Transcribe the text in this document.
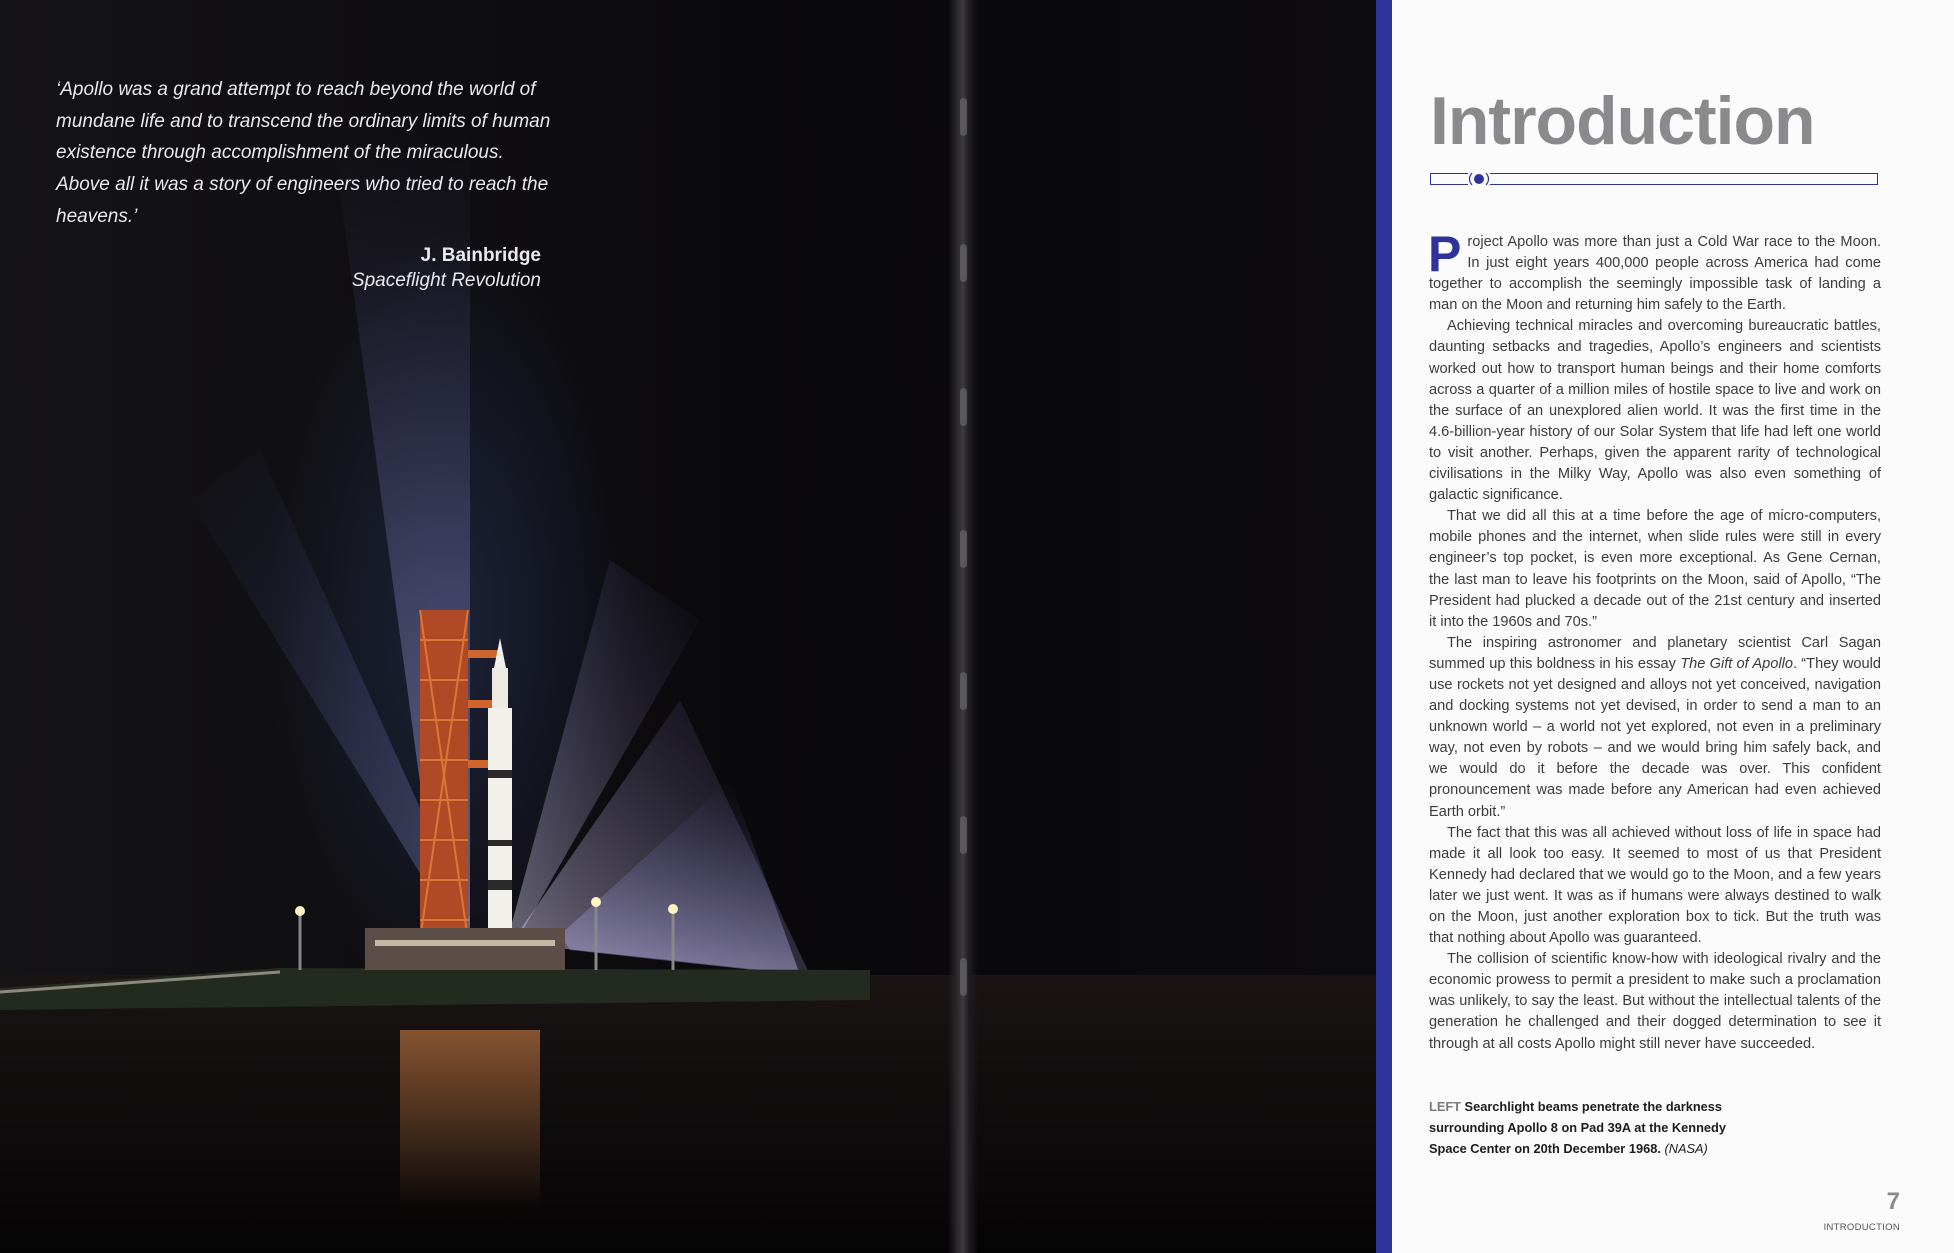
‘Apollo was a grand attempt to reach beyond the world of mundane life and to transcend the ordinary limits of human existence through accomplishment of the miraculous. Above all it was a story of engineers who tried to reach the heavens.’

J. Bainbridge
Spaceflight Revolution
Introduction

Project Apollo was more than just a Cold War race to the Moon. In just eight years 400,000 people across America had come together to accomplish the seemingly impossible task of landing a man on the Moon and returning him safely to the Earth.

Achieving technical miracles and overcoming bureaucratic battles, daunting setbacks and tragedies, Apollo’s engineers and scientists worked out how to transport human beings and their home comforts across a quarter of a million miles of hostile space to live and work on the surface of an unexplored alien world. It was the first time in the 4.6-billion-year history of our Solar System that life had left one world to visit another. Perhaps, given the apparent rarity of technological civilisations in the Milky Way, Apollo was also even something of galactic significance.

That we did all this at a time before the age of micro-computers, mobile phones and the internet, when slide rules were still in every engineer’s top pocket, is even more exceptional. As Gene Cernan, the last man to leave his footprints on the Moon, said of Apollo, “The President had plucked a decade out of the 21st century and inserted it into the 1960s and 70s.”

The inspiring astronomer and planetary scientist Carl Sagan summed up this boldness in his essay The Gift of Apollo. “They would use rockets not yet designed and alloys not yet conceived, navigation and docking systems not yet devised, in order to send a man to an unknown world – a world not yet explored, not even in a preliminary way, not even by robots – and we would bring him safely back, and we would do it before the decade was over. This confident pronouncement was made before any American had even achieved Earth orbit.”

The fact that this was all achieved without loss of life in space had made it all look too easy. It seemed to most of us that President Kennedy had declared that we would go to the Moon, and a few years later we just went. It was as if humans were always destined to walk on the Moon, just another exploration box to tick. But the truth was that nothing about Apollo was guaranteed.

The collision of scientific know-how with ideological rivalry and the economic prowess to permit a president to make such a proclamation was unlikely, to say the least. But without the intellectual talents of the generation he challenged and their dogged determination to see it through at all costs Apollo might still never have succeeded.

LEFT Searchlight beams penetrate the darkness surrounding Apollo 8 on Pad 39A at the Kennedy Space Center on 20th December 1968. (NASA)

7
INTRODUCTION
